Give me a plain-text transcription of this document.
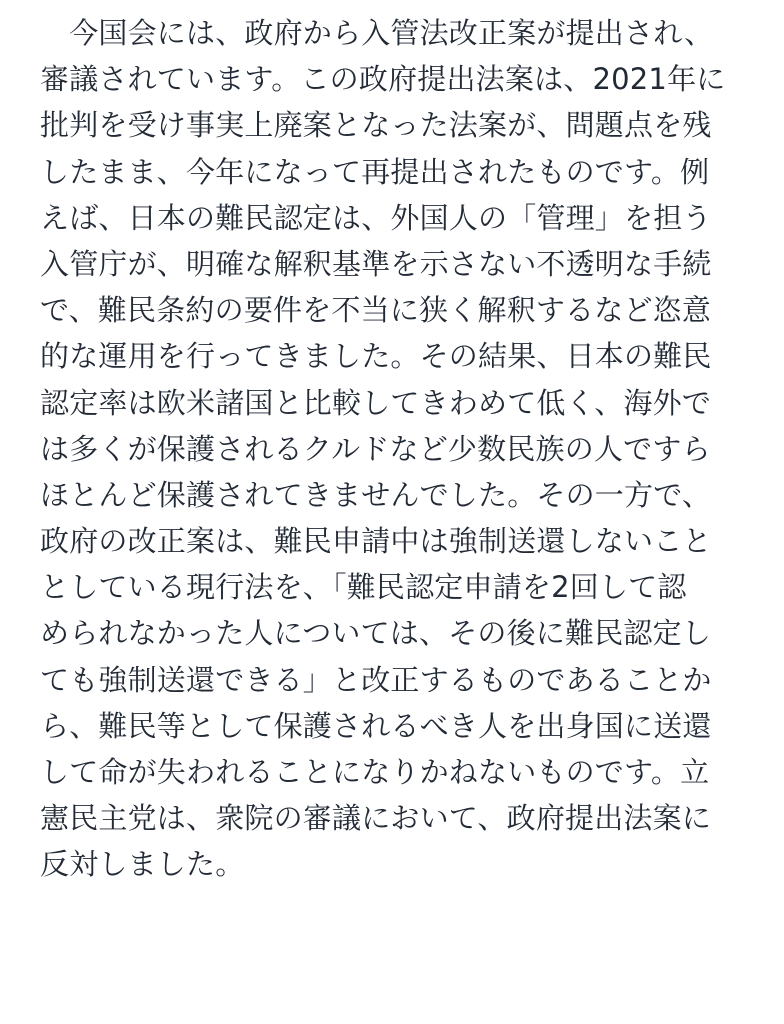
　今国会には、政府から入管法改正案が提出され、
審議されています。この政府提出法案は、2021年に
批判を受け事実上廃案となった法案が、問題点を残
したまま、今年になって再提出されたものです。例
えば、日本の難民認定は、外国人の「管理」を担う
入管庁が、明確な解釈基準を示さない不透明な手続
で、難民条約の要件を不当に狭く解釈するなど恣意
的な運用を行ってきました。その結果、日本の難民
認定率は欧米諸国と比較してきわめて低く、海外で
は多くが保護されるクルドなど少数民族の人ですら
ほとんど保護されてきませんでした。その一方で、
政府の改正案は、難民申請中は強制送還しないこと
としている現行法を、「難民認定申請を2回して認
められなかった人については、その後に難民認定し
ても強制送還できる」と改正するものであることか
ら、難民等として保護されるべき人を出身国に送還
して命が失われることになりかねないものです。立
憲民主党は、衆院の審議において、政府提出法案に
反対しました。
